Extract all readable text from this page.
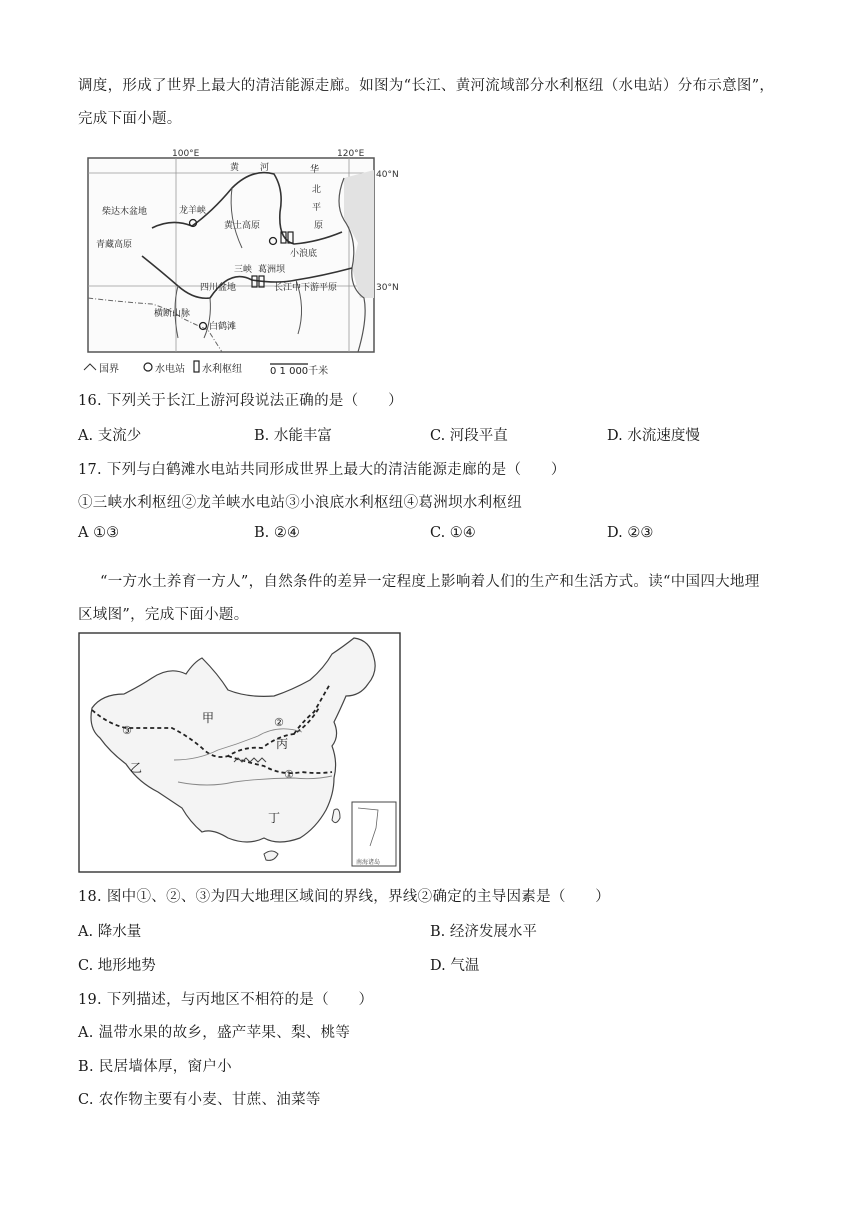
调度，形成了世界上最大的清洁能源走廊。如图为“长江、黄河流域部分水利枢纽（水电站）分布示意图”，
完成下面小题。
100°E	120°E
40°N
30°N
黄 河	华
北
平
原
柴达木盆地
青藏高原
龙羊峡
黄土高原
小浪底
三峡 葛洲坝
四川盆地	长江中下游平原
横断山脉
白鹤滩
国界	水电站 水利枢纽	0 1 000千米
16. 下列关于长江上游河段说法正确的是（　　）
A. 支流少	B. 水能丰富	C. 河段平直	D. 水流速度慢
17. 下列与白鹤滩水电站共同形成世界上最大的清洁能源走廊的是（　　）
①三峡水利枢纽②龙羊峡水电站③小浪底水利枢纽④葛洲坝水利枢纽
A ①③	B. ②④	C. ①④	D. ②③
“一方水土养育一方人”，自然条件的差异一定程度上影响着人们的生产和生活方式。读“中国四大地理
区域图”，完成下面小题。
甲
乙
丙
丁
①
②
③
南海诸岛
18. 图中①、②、③为四大地理区域间的界线，界线②确定的主导因素是（　　）
A. 降水量	B. 经济发展水平
C. 地形地势	D. 气温
19. 下列描述，与丙地区不相符的是（　　）
A. 温带水果的故乡，盛产苹果、梨、桃等
B. 民居墙体厚，窗户小
C. 农作物主要有小麦、甘蔗、油菜等
